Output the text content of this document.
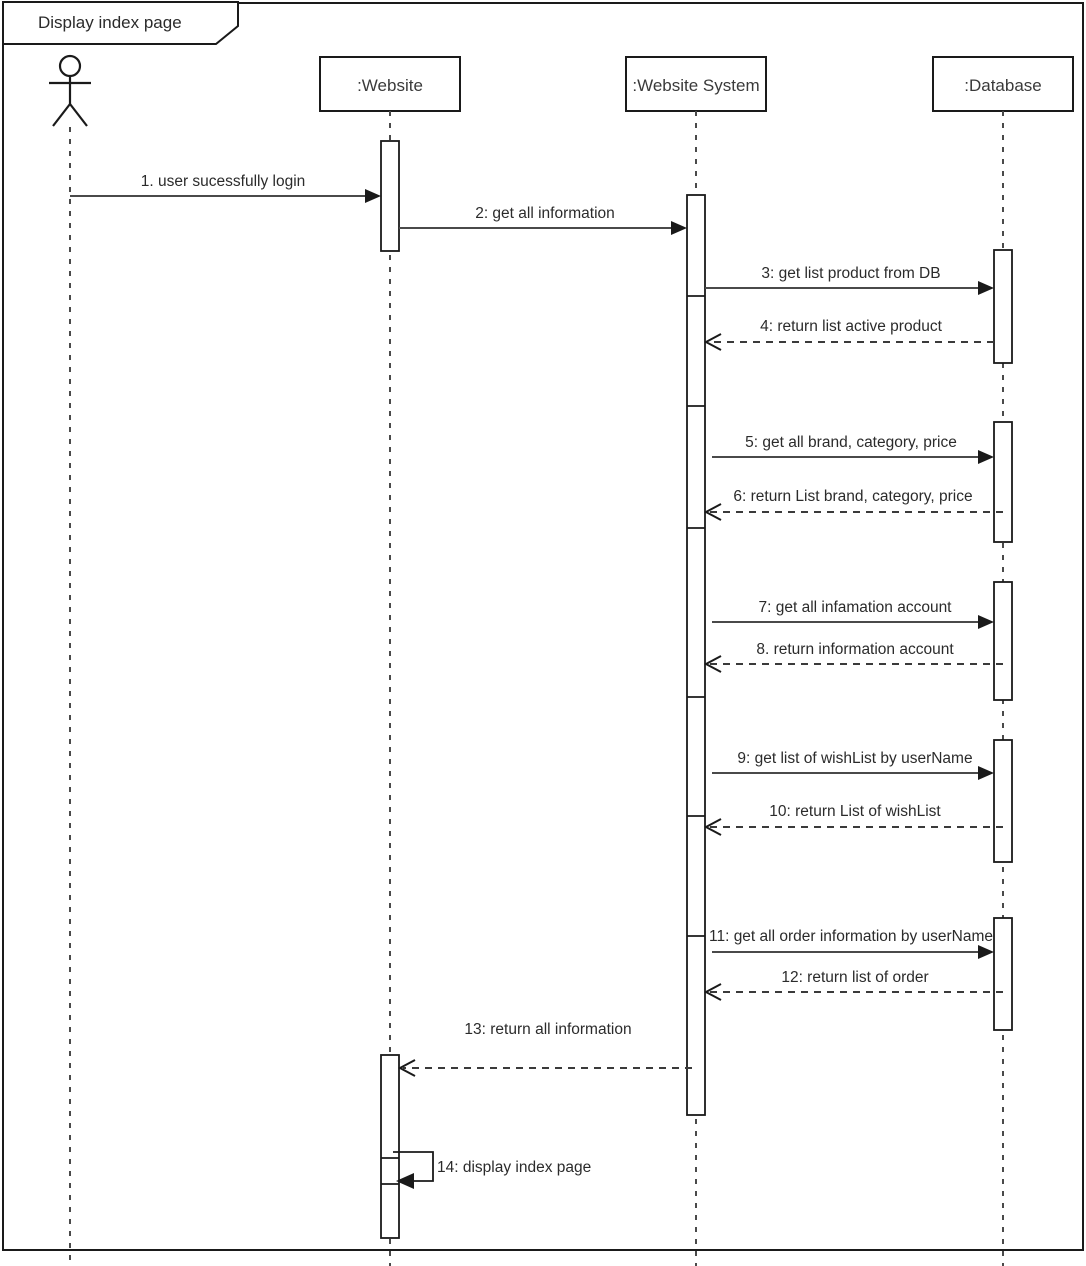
Display index page
:Website	:Website System	:Database
1. user sucessfully login
2: get all information
3: get list product from DB
4: return list active product
5: get all brand, category, price
6: return List brand, category, price
7: get all infamation account
8. return information account
9: get list of wishList by userName
10: return List of wishList
11: get all order information by userName
12: return list of order
13: return all information
14: display index page
